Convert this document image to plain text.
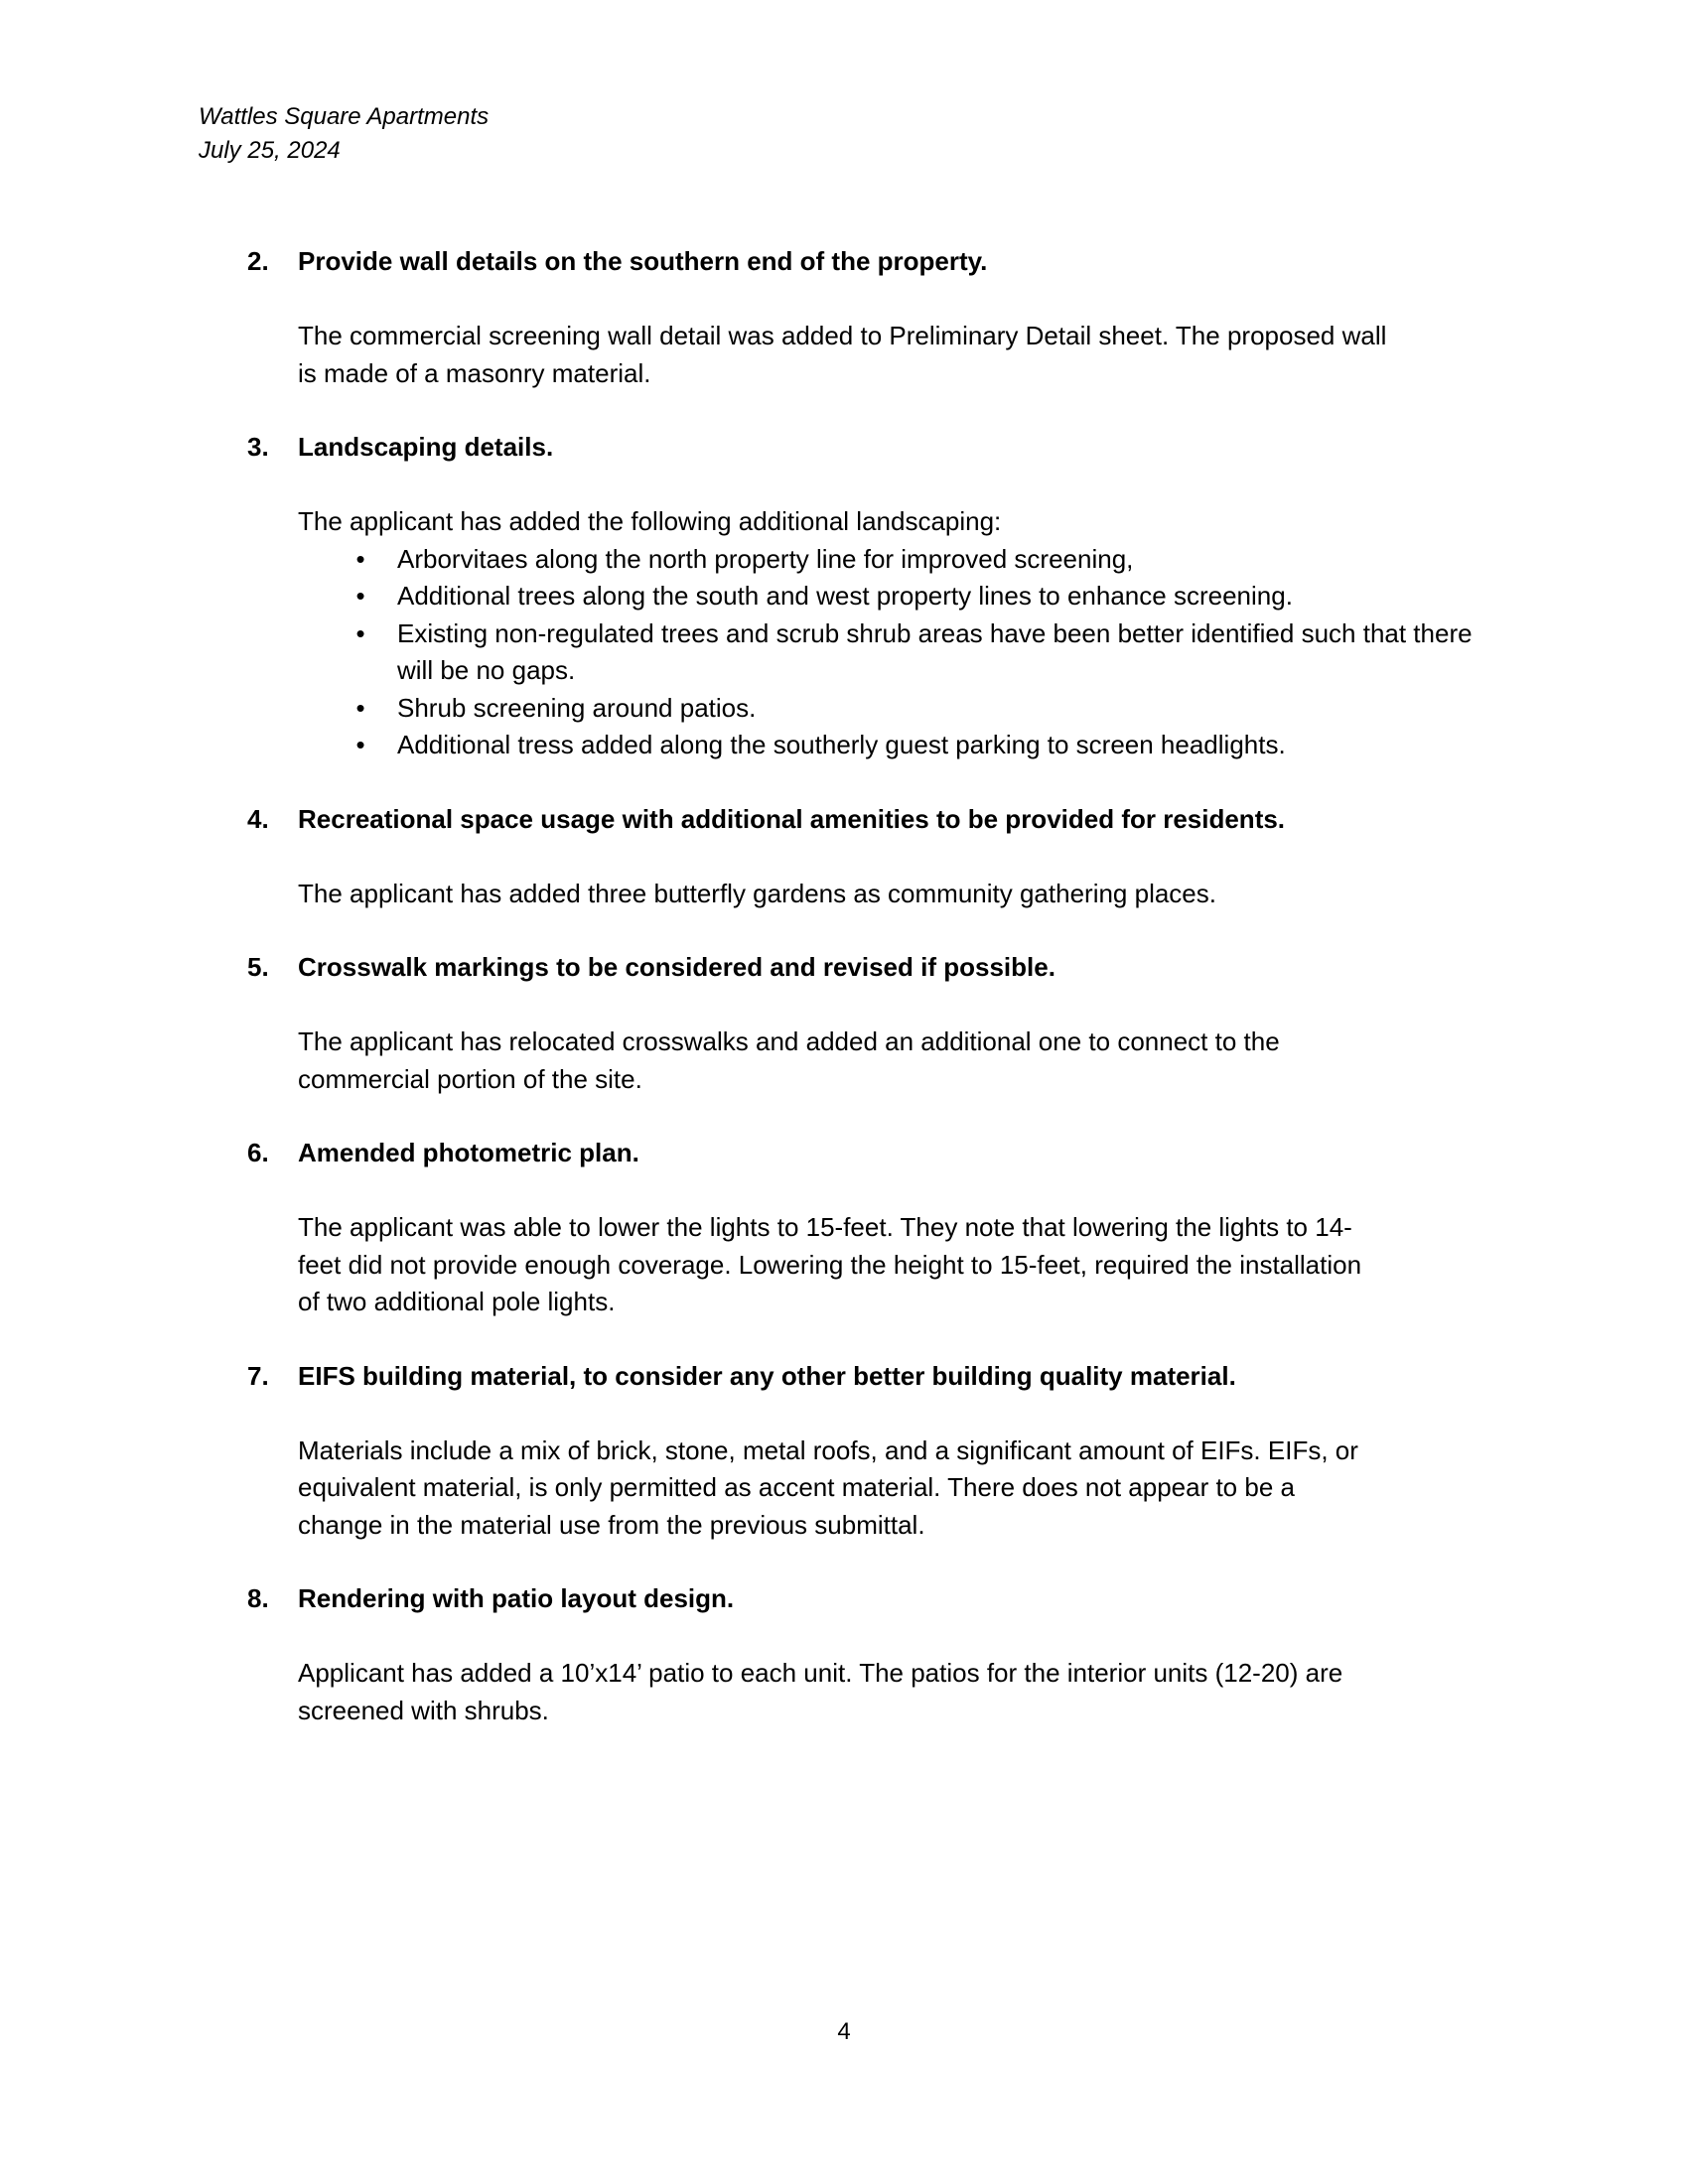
Wattles Square Apartments
July 25, 2024
2.	Provide wall details on the southern end of the property.

The commercial screening wall detail was added to Preliminary Detail sheet. The proposed wall

is made of a masonry material.

3.	Landscaping details.

The applicant has added the following additional landscaping:

• Arborvitaes along the north property line for improved screening,
• Additional trees along the south and west property lines to enhance screening.
• Existing non-regulated trees and scrub shrub areas have been better identified such that there will be no gaps.
• Shrub screening around patios.
• Additional tress added along the southerly guest parking to screen headlights.
4.	Recreational space usage with additional amenities to be provided for residents.

The applicant has added three butterfly gardens as community gathering places.

5.	Crosswalk markings to be considered and revised if possible.

The applicant has relocated crosswalks and added an additional one to connect to the

commercial portion of the site.

6.	Amended photometric plan.

The applicant was able to lower the lights to 15-feet. They note that lowering the lights to 14-

feet did not provide enough coverage. Lowering the height to 15-feet, required the installation

of two additional pole lights.

7.	EIFS building material, to consider any other better building quality material.

Materials include a mix of brick, stone, metal roofs, and a significant amount of EIFs. EIFs, or

equivalent material, is only permitted as accent material. There does not appear to be a

change in the material use from the previous submittal.

8.	Rendering with patio layout design.

Applicant has added a 10’x14’ patio to each unit. The patios for the interior units (12-20) are

screened with shrubs.

4
